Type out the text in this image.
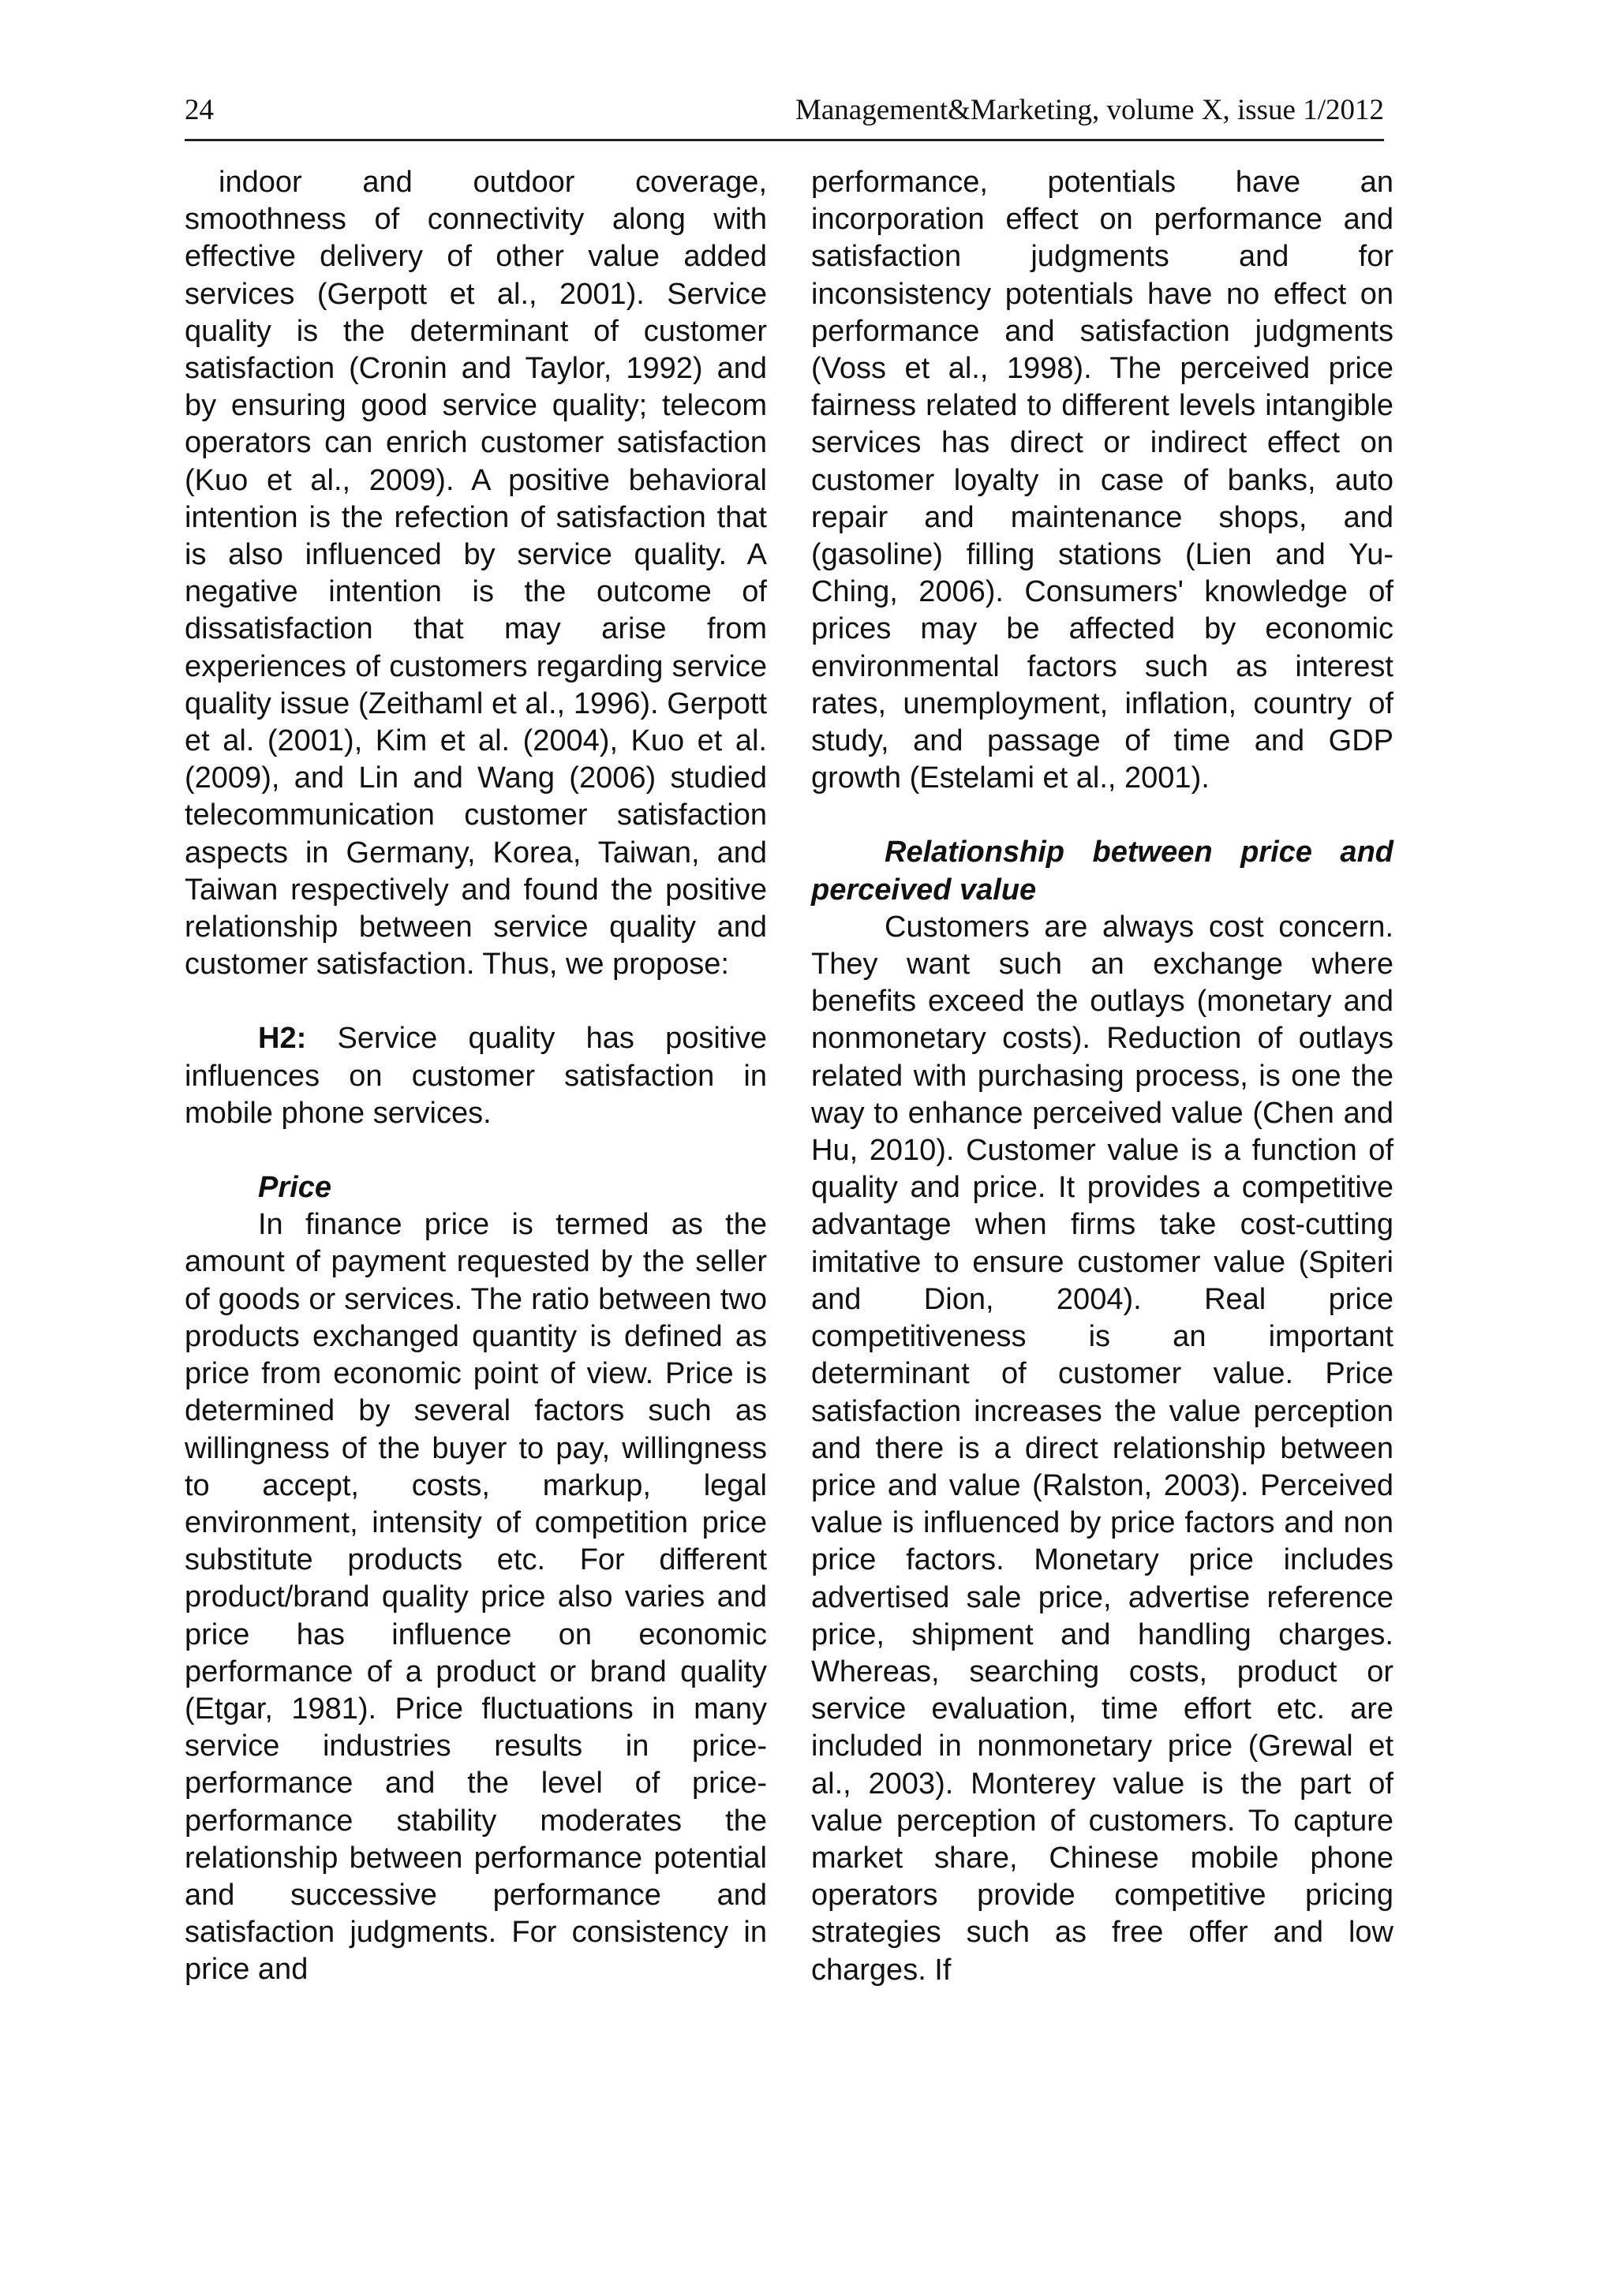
24	Management&Marketing, volume X, issue 1/2012

indoor and outdoor coverage, smoothness of connectivity along with effective delivery of other value added services (Gerpott et al., 2001). Service quality is the determinant of customer satisfaction (Cronin and Taylor, 1992) and by ensuring good service quality; telecom operators can enrich customer satisfaction (Kuo et al., 2009). A positive behavioral intention is the refection of satisfaction that is also influenced by service quality. A negative intention is the outcome of dissatisfaction that may arise from experiences of customers regarding service quality issue (Zeithaml et al., 1996). Gerpott et al. (2001), Kim et al. (2004), Kuo et al. (2009), and Lin and Wang (2006) studied telecommunication customer satisfaction aspects in Germany, Korea, Taiwan, and Taiwan respectively and found the positive relationship between service quality and customer satisfaction. Thus, we propose:

H2: Service quality has positive influences on customer satisfaction in mobile phone services.

Price

In finance price is termed as the amount of payment requested by the seller of goods or services. The ratio between two products exchanged quantity is defined as price from economic point of view. Price is determined by several factors such as willingness of the buyer to pay, willingness to accept, costs, markup, legal environment, intensity of competition price substitute products etc. For different product/brand quality price also varies and price has influence on economic performance of a product or brand quality (Etgar, 1981). Price fluctuations in many service industries results in price-performance and the level of price-performance stability moderates the relationship between performance potential and successive performance and satisfaction judgments. For consistency in price and

performance, potentials have an incorporation effect on performance and satisfaction judgments and for inconsistency potentials have no effect on performance and satisfaction judgments (Voss et al., 1998). The perceived price fairness related to different levels intangible services has direct or indirect effect on customer loyalty in case of banks, auto repair and maintenance shops, and (gasoline) filling stations (Lien and Yu-Ching, 2006). Consumers' knowledge of prices may be affected by economic environmental factors such as interest rates, unemployment, inflation, country of study, and passage of time and GDP growth (Estelami et al., 2001).

Relationship between price and perceived value

Customers are always cost concern. They want such an exchange where benefits exceed the outlays (monetary and nonmonetary costs). Reduction of outlays related with purchasing process, is one the way to enhance perceived value (Chen and Hu, 2010). Customer value is a function of quality and price. It provides a competitive advantage when firms take cost-cutting imitative to ensure customer value (Spiteri and Dion, 2004). Real price competitiveness is an important determinant of customer value. Price satisfaction increases the value perception and there is a direct relationship between price and value (Ralston, 2003). Perceived value is influenced by price factors and non price factors. Monetary price includes advertised sale price, advertise reference price, shipment and handling charges. Whereas, searching costs, product or service evaluation, time effort etc. are included in nonmonetary price (Grewal et al., 2003). Monterey value is the part of value perception of customers. To capture market share, Chinese mobile phone operators provide competitive pricing strategies such as free offer and low charges. If
